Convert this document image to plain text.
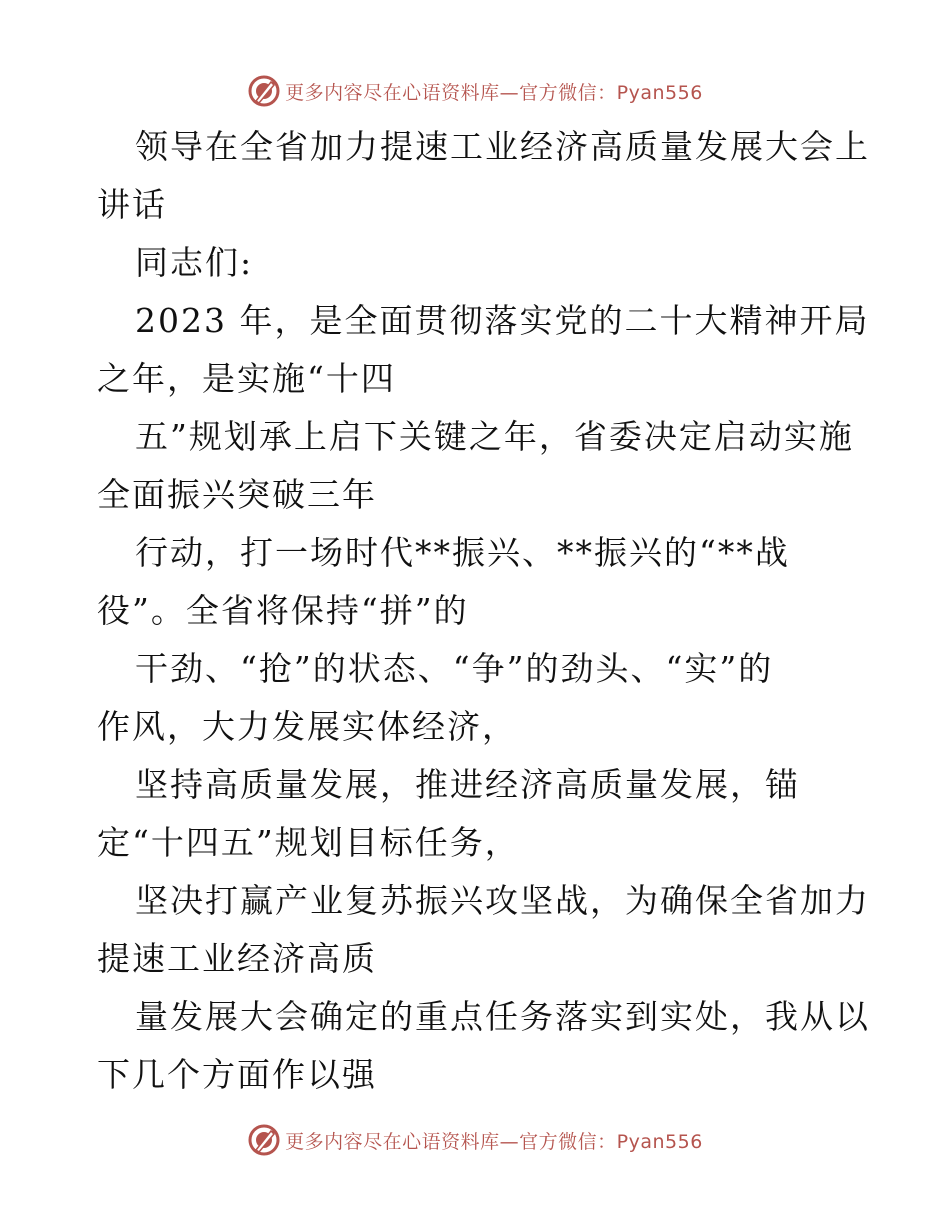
更多内容尽在心语资料库—官方微信：Pyan556
领导在全省加力提速工业经济高质量发展大会上
讲话
同志们:
2023 年，是全面贯彻落实党的二十大精神开局
之年，是实施“十四
五”规划承上启下关键之年，省委决定启动实施
全面振兴突破三年
行动，打一场时代**振兴、**振兴的“**战
役”。全省将保持“拼”的
干劲、“抢”的状态、“争”的劲头、“实”的
作风，大力发展实体经济，
坚持高质量发展，推进经济高质量发展，锚
定“十四五”规划目标任务，
坚决打赢产业复苏振兴攻坚战，为确保全省加力
提速工业经济高质
量发展大会确定的重点任务落实到实处，我从以
下几个方面作以强
更多内容尽在心语资料库—官方微信：Pyan556
